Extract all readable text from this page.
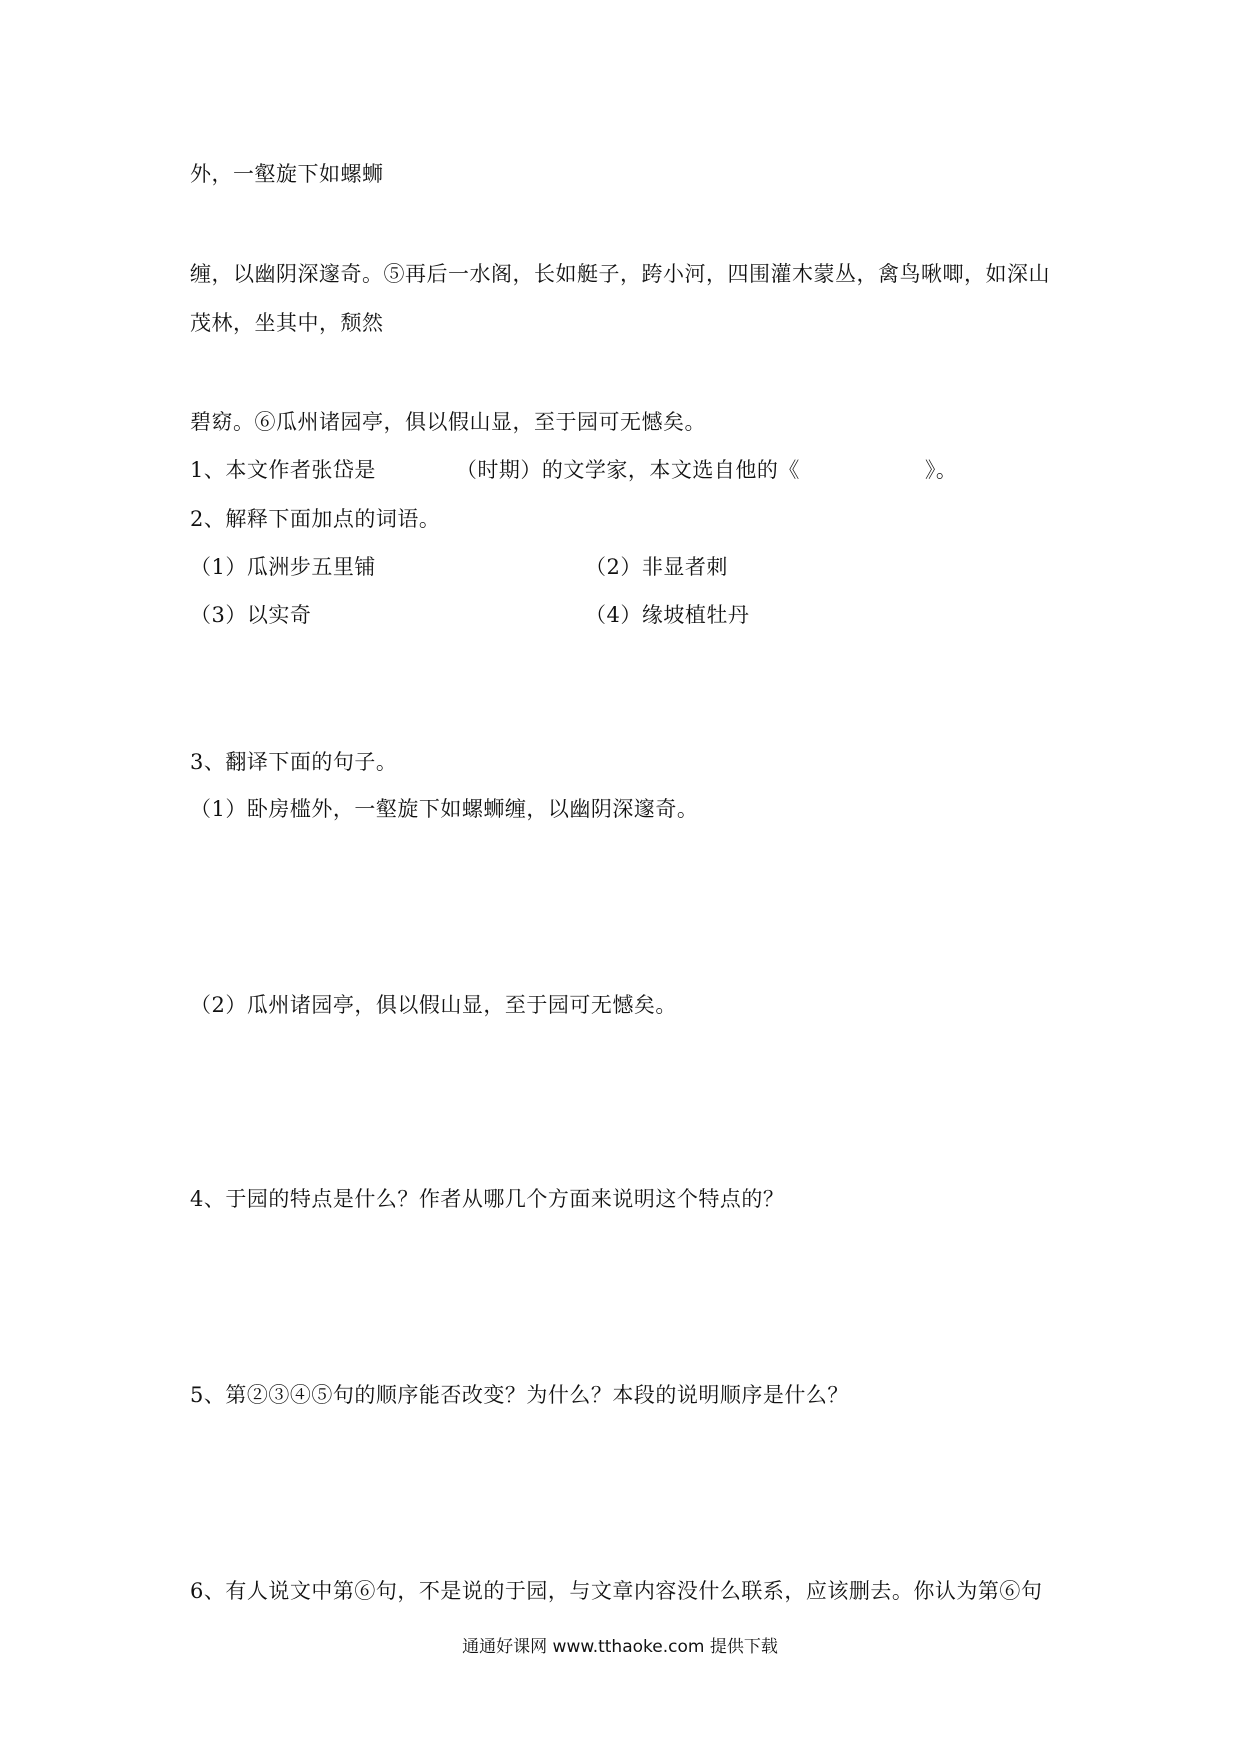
外，一壑旋下如螺蛳
缠，以幽阴深邃奇。⑤再后一水阁，长如艇子，跨小河，四围灌木蒙丛，禽鸟啾唧，如深山
茂林，坐其中，颓然
碧窈。⑥瓜州诸园亭，俱以假山显，至于园可无憾矣。
1、本文作者张岱是	（时期）的文学家，本文选自他的《	》。
2、解释下面加点的词语。
（1）瓜洲步五里铺	（2）非显者刺
（3）以实奇	（4）缘坡植牡丹
3、翻译下面的句子。
（1）卧房槛外，一壑旋下如螺蛳缠，以幽阴深邃奇。
（2）瓜州诸园亭，俱以假山显，至于园可无憾矣。
4、于园的特点是什么？作者从哪几个方面来说明这个特点的？
5、第②③④⑤句的顺序能否改变？为什么？本段的说明顺序是什么？
6、有人说文中第⑥句，不是说的于园，与文章内容没什么联系，应该删去。你认为第⑥句
通通好课网 www.tthaoke.com 提供下载
